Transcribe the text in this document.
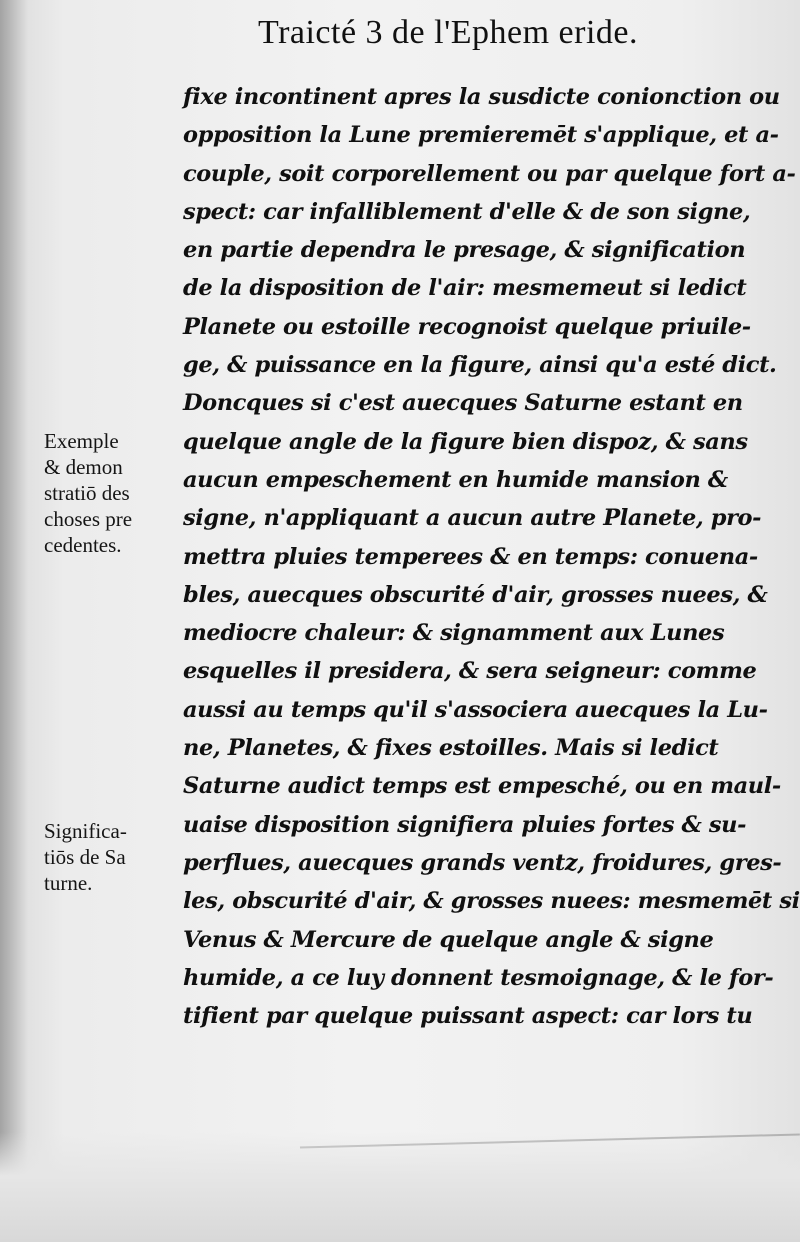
Traicté 3 de l'Ephem eride.
Exemple
& demon
stratiō des
choses pre
cedentes.
Significa-
tiōs de Sa
turne.
fixe incontinent apres la susdicte conionction ou
opposition la Lune premieremēt s'applique, et a-
couple, soit corporellement ou par quelque fort a-
spect: car infalliblement d'elle & de son signe,
en partie dependra le presage, & signification
de la disposition de l'air: mesmemeut si ledict
Planete ou estoille recognoist quelque priuile-
ge, & puissance en la figure, ainsi qu'a esté dict.
Doncques si c'est auecques Saturne estant en
quelque angle de la figure bien dispoz, & sans
aucun empeschement en humide mansion &
signe, n'appliquant a aucun autre Planete, pro-
mettra pluies temperees & en temps: conuena-
bles, auecques obscurité d'air, grosses nuees, &
mediocre chaleur: & signamment aux Lunes
esquelles il presidera, & sera seigneur: comme
aussi au temps qu'il s'associera auecques la Lu-
ne, Planetes, & fixes estoilles. Mais si ledict
Saturne audict temps est empesché, ou en maul-
uaise disposition signifiera pluies fortes & su-
perflues, auecques grands ventz, froidures, gres-
les, obscurité d'air, & grosses nuees: mesmemēt si
Venus & Mercure de quelque angle & signe
humide, a ce luy donnent tesmoignage, & le for-
tifient par quelque puissant aspect: car lors tu
